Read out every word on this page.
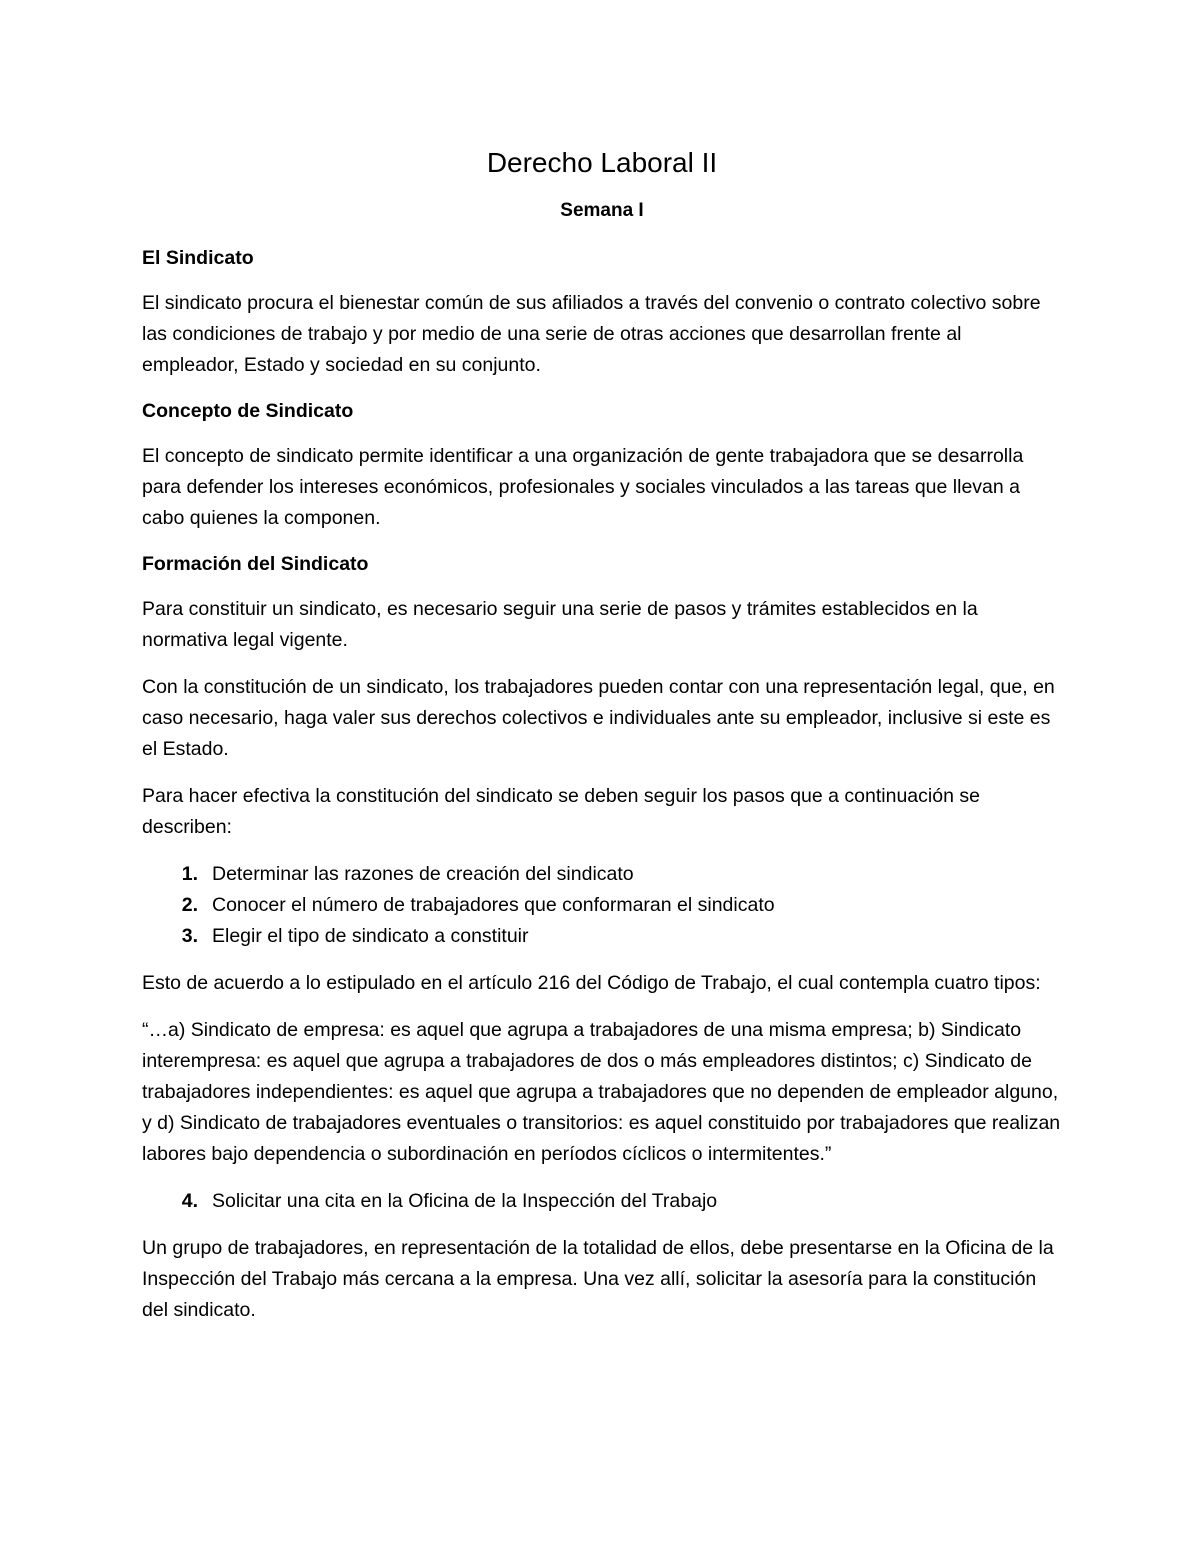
Derecho Laboral II
Semana I
El Sindicato

El sindicato procura el bienestar común de sus afiliados a través del convenio o contrato colectivo sobre las condiciones de trabajo y por medio de una serie de otras acciones que desarrollan frente al empleador, Estado y sociedad en su conjunto.

Concepto de Sindicato

El concepto de sindicato permite identificar a una organización de gente trabajadora que se desarrolla para defender los intereses económicos, profesionales y sociales vinculados a las tareas que llevan a cabo quienes la componen.

Formación del Sindicato

Para constituir un sindicato, es necesario seguir una serie de pasos y trámites establecidos en la normativa legal vigente.

Con la constitución de un sindicato, los trabajadores pueden contar con una representación legal, que, en caso necesario, haga valer sus derechos colectivos e individuales ante su empleador, inclusive si este es el Estado.

Para hacer efectiva la constitución del sindicato se deben seguir los pasos que a continuación se describen:

1. Determinar las razones de creación del sindicato
2. Conocer el número de trabajadores que conformaran el sindicato
3. Elegir el tipo de sindicato a constituir

Esto de acuerdo a lo estipulado en el artículo 216 del Código de Trabajo, el cual contempla cuatro tipos:

“…a) Sindicato de empresa: es aquel que agrupa a trabajadores de una misma empresa; b) Sindicato interempresa: es aquel que agrupa a trabajadores de dos o más empleadores distintos; c) Sindicato de trabajadores independientes: es aquel que agrupa a trabajadores que no dependen de empleador alguno, y d) Sindicato de trabajadores eventuales o transitorios: es aquel constituido por trabajadores que realizan labores bajo dependencia o subordinación en períodos cíclicos o intermitentes.”

4. Solicitar una cita en la Oficina de la Inspección del Trabajo

Un grupo de trabajadores, en representación de la totalidad de ellos, debe presentarse en la Oficina de la Inspección del Trabajo más cercana a la empresa. Una vez allí, solicitar la asesoría para la constitución del sindicato.
